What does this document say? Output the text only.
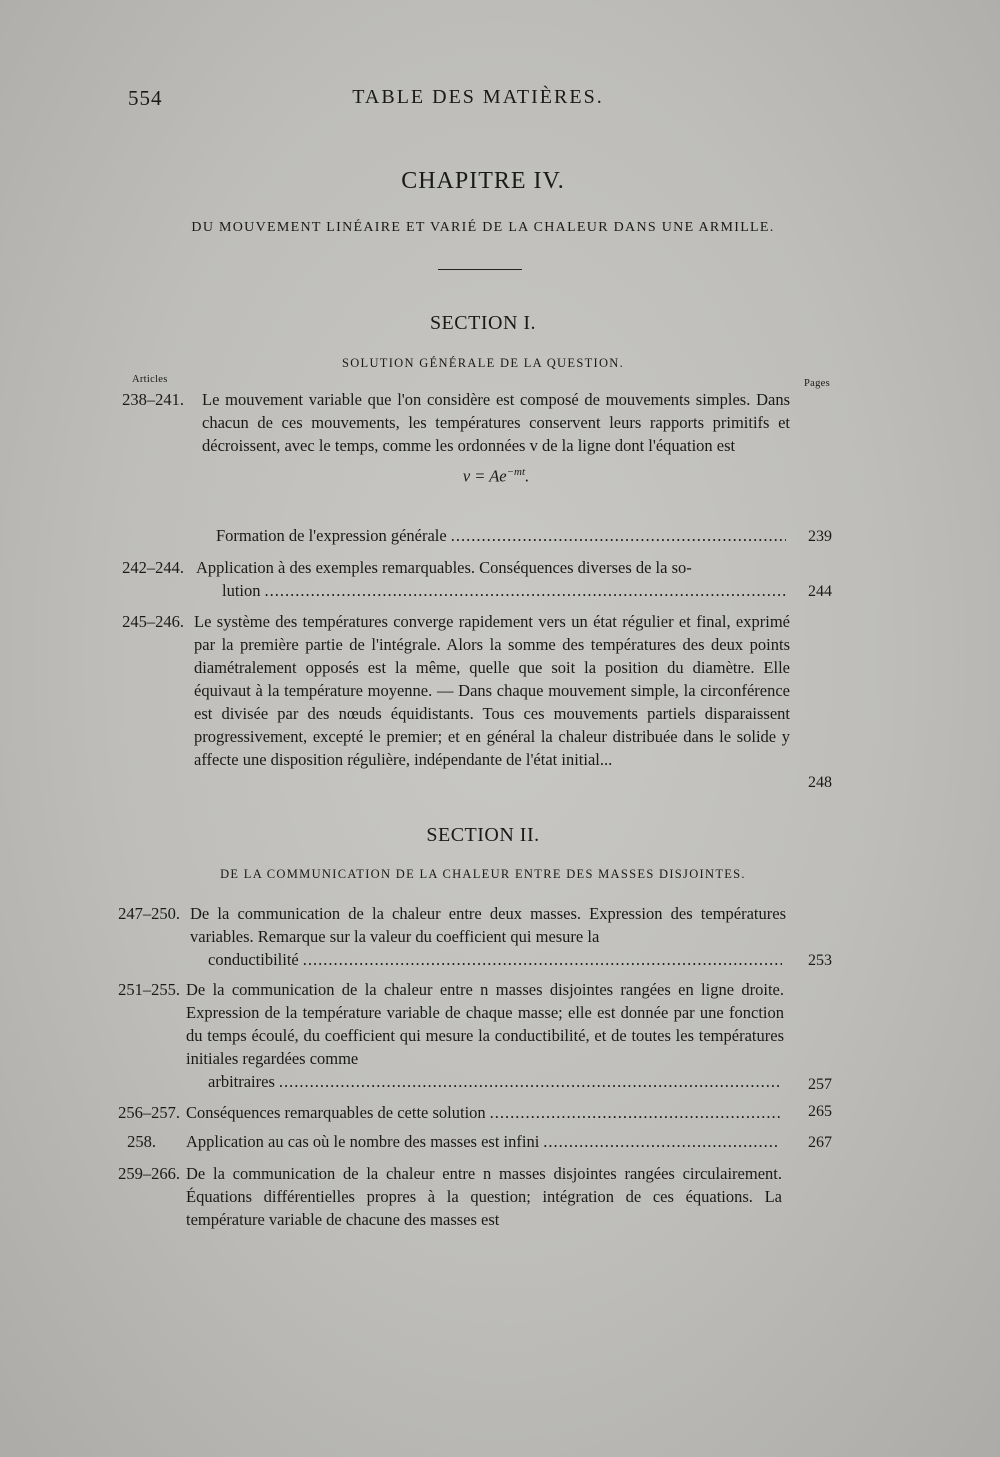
554	TABLE DES MATIÈRES.
CHAPITRE IV.
DU MOUVEMENT LINÉAIRE ET VARIÉ DE LA CHALEUR DANS UNE ARMILLE.
SECTION I.
SOLUTION GÉNÉRALE DE LA QUESTION.
Articles	Pages
238–241. Le mouvement variable que l'on considère est composé de mouvements simples. Dans chacun de ces mouvements, les températures conservent leurs rapports primitifs et décroissent, avec le temps, comme les ordonnées v de la ligne dont l'équation est

$v = Ae^{-mt}$.

Formation de l'expression générale .....	239
242–244. Application à des exemples remarquables. Conséquences diverses de la so-

lution .....	244
245–246. Le système des températures converge rapidement vers un état régulier et final, exprimé par la première partie de l'intégrale. Alors la somme des températures des deux points diamétralement opposés est la même, quelle que soit la position du diamètre. Elle équivaut à la température moyenne. — Dans chaque mouvement simple, la circonférence est divisée par des nœuds équidistants. Tous ces mouvements partiels disparaissent progressivement, excepté le premier; et en général la chaleur distribuée dans le solide y affecte une disposition régulière, indépendante de l'état initial...

248
SECTION II.
DE LA COMMUNICATION DE LA CHALEUR ENTRE DES MASSES DISJOINTES.
247–250. De la communication de la chaleur entre deux masses. Expression des températures variables. Remarque sur la valeur du coefficient qui mesure la

conductibilité .....	253
251–255. De la communication de la chaleur entre n masses disjointes rangées en ligne droite. Expression de la température variable de chaque masse; elle est donnée par une fonction du temps écoulé, du coefficient qui mesure la conductibilité, et de toutes les températures initiales regardées comme

arbitraires .....	257
256–257. Conséquences remarquables de cette solution .....	265
258. Application au cas où le nombre des masses est infini .....	267
259–266. De la communication de la chaleur entre n masses disjointes rangées circulairement. Équations différentielles propres à la question; intégration de ces équations. La température variable de chacune des masses est
